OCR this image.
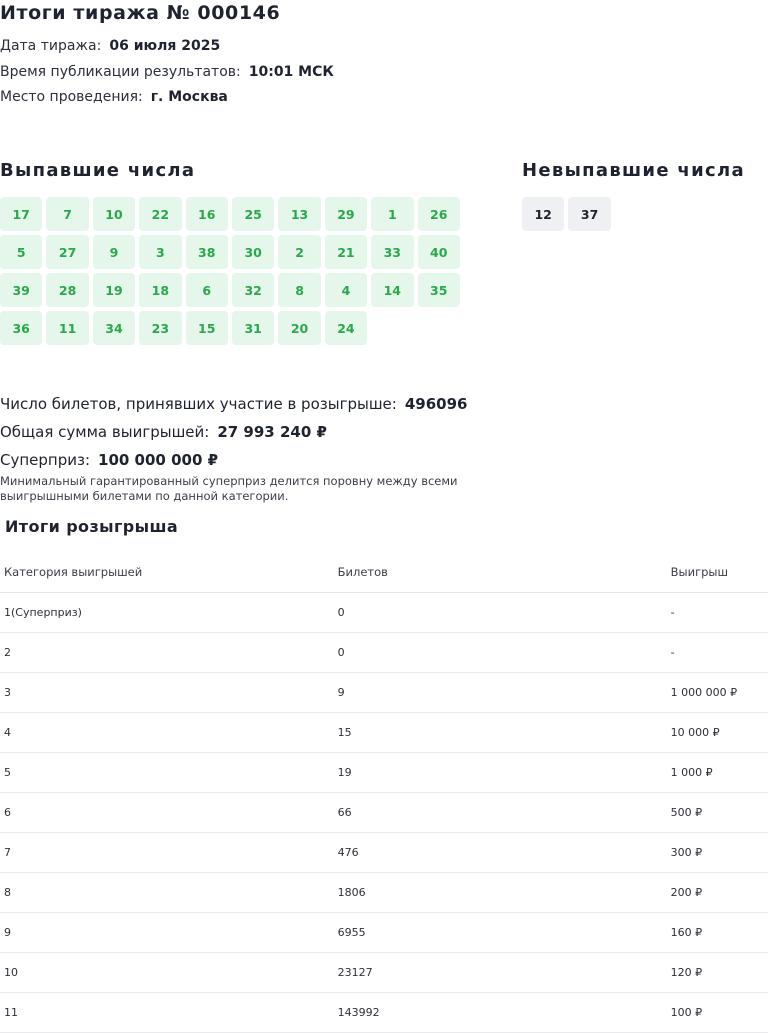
Итоги тиража № 000146
Дата тиража: 06 июля 2025
Время публикации результатов: 10:01 МСК
Место проведения: г. Москва
Выпавшие числа	Невыпавшие числа
17	7	10	22	16	25	13	29	1	26
5	27	9	3	38	30	2	21	33	40
39	28	19	18	6	32	8	4	14	35
36	11	34	23	15	31	20	24
12	37
Число билетов, принявших участие в розыгрыше: 496096
Общая сумма выигрышей: 27 993 240 ₽
Суперприз: 100 000 000 ₽
Минимальный гарантированный суперприз делится поровну между всеми выигрышными билетами по данной категории.
Итоги розыгрыша
Категория выигрышей	Билетов	Выигрыш
1(Суперприз)	0	-
2	0	-
3	9	1 000 000 ₽
4	15	10 000 ₽
5	19	1 000 ₽
6	66	500 ₽
7	476	300 ₽
8	1806	200 ₽
9	6955	160 ₽
10	23127	120 ₽
11	143992	100 ₽
